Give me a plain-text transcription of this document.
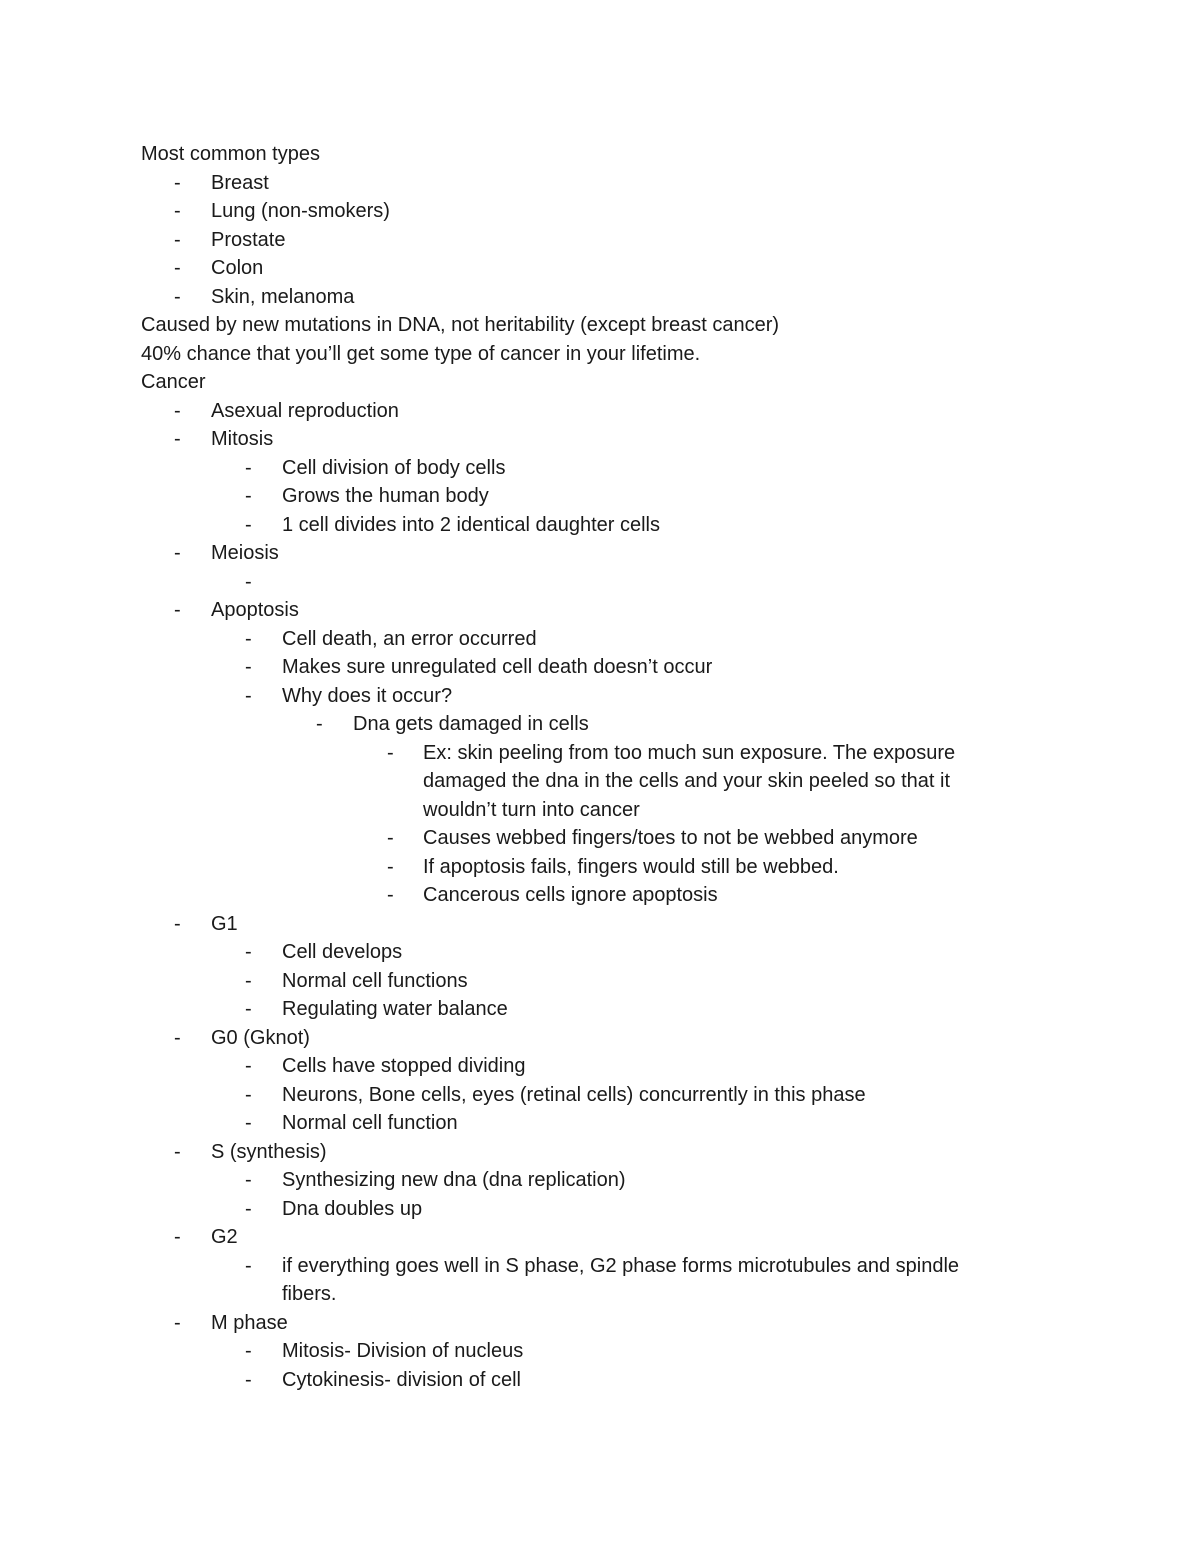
Most common types
- Breast
- Lung (non-smokers)
- Prostate
- Colon
- Skin, melanoma
Caused by new mutations in DNA, not heritability (except breast cancer)
40% chance that you’ll get some type of cancer in your lifetime.
Cancer
- Asexual reproduction
- Mitosis
- Cell division of body cells
- Grows the human body
- 1 cell divides into 2 identical daughter cells
- Meiosis
-
- Apoptosis
- Cell death, an error occurred
- Makes sure unregulated cell death doesn’t occur
- Why does it occur?
- Dna gets damaged in cells
- Ex: skin peeling from too much sun exposure. The exposure
damaged the dna in the cells and your skin peeled so that it
wouldn’t turn into cancer
- Causes webbed fingers/toes to not be webbed anymore
- If apoptosis fails, fingers would still be webbed.
- Cancerous cells ignore apoptosis
- G1
- Cell develops
- Normal cell functions
- Regulating water balance
- G0 (Gknot)
- Cells have stopped dividing
- Neurons, Bone cells, eyes (retinal cells) concurrently in this phase
- Normal cell function
- S (synthesis)
- Synthesizing new dna (dna replication)
- Dna doubles up
- G2
- if everything goes well in S phase, G2 phase forms microtubules and spindle
fibers.
- M phase
- Mitosis- Division of nucleus
- Cytokinesis- division of cell
